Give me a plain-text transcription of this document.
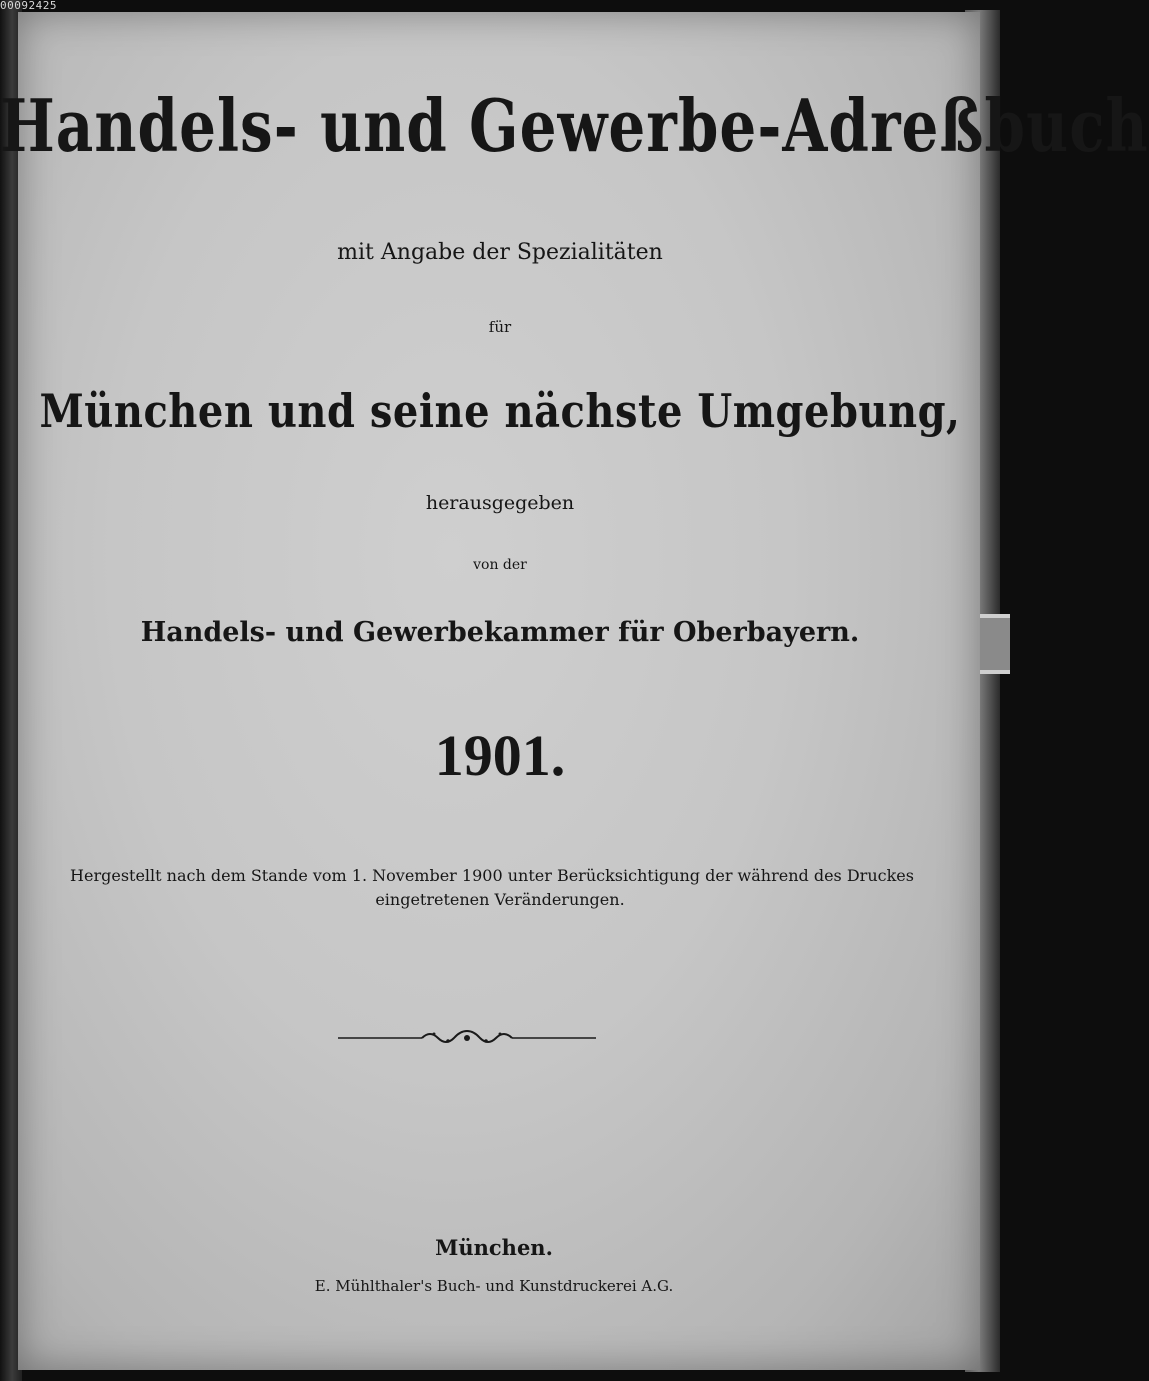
00092425
Handels- und Gewerbe-Adreßbuch
mit Angabe der Spezialitäten
für
München und seine nächste Umgebung,
herausgegeben
von der
Handels- und Gewerbekammer für Oberbayern.
1901.
Hergestellt nach dem Stande vom 1. November 1900 unter Berücksichtigung der während des Druckes
eingetretenen Veränderungen.
München.
E. Mühlthaler's Buch- und Kunstdruckerei A.G.
